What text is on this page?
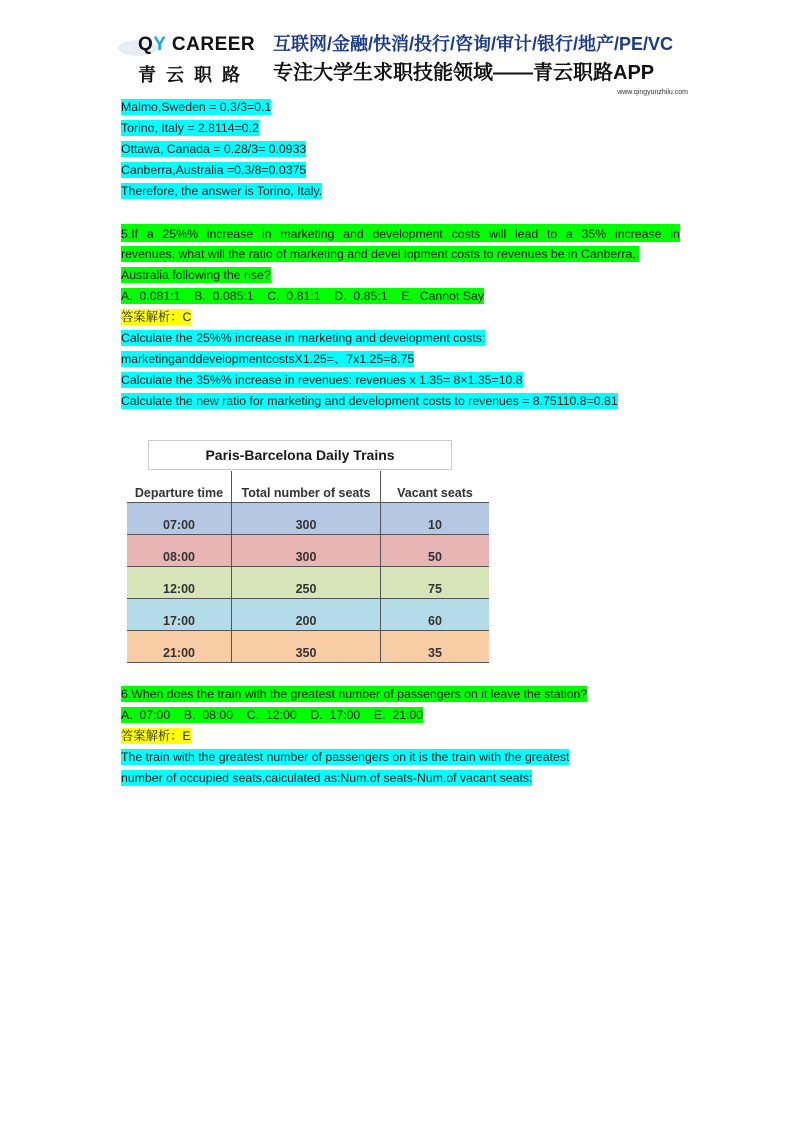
QY CAREER
青云职路
互联网/金融/快消/投行/咨询/审计/银行/地产/PE/VC
专注大学生求职技能领域——青云职路APP
www.qingyunzhilu.com
Malmo,Sweden = 0.3/3=0.1
Torino, Italy = 2.8114=0.2
Ottawa, Canada = 0.28/3= 0.0933
Canberra,Australia =0.3/8=0.0375
Therefore, the answer is Torino, Italy.
5.If a 25%% increase in marketing and development costs will lead to a 35% increase in
revenues, what will the ratio of marketing and devel lopment costs to revenues be in Canberra,.
Australia following the rise?
A.  0.081:1    B.  0.085:1    C.  0.81:1    D.  0.85:1    E.  Cannot Say
答案解析：C
Calculate the 25%% increase in marketing and development costs:
marketinganddevelopmentcostsX1.25=、7x1.25=8.75
Calculate the 35%% increase in revenues: revenues x 1.35= 8×1.35=10.8
Calculate the new ratio for marketing and development costs to revenues = 8.75110.8=0.81
Paris-Barcelona Daily Trains
Departure time	Total number of seats	Vacant seats
07:00	300	10
08:00	300	50
12:00	250	75
17:00	200	60
21:00	350	35
6.When does the train with the greatest number of passengers on it leave the station?
A.  07:00    B.  08:00    C.  12:00    D.  17:00    E.  21:00
答案解析：E
The train with the greatest number of passengers on it is the train with the greatest
number of occupied seats,calculated as:Num.of seats-Num.of vacant seats:
